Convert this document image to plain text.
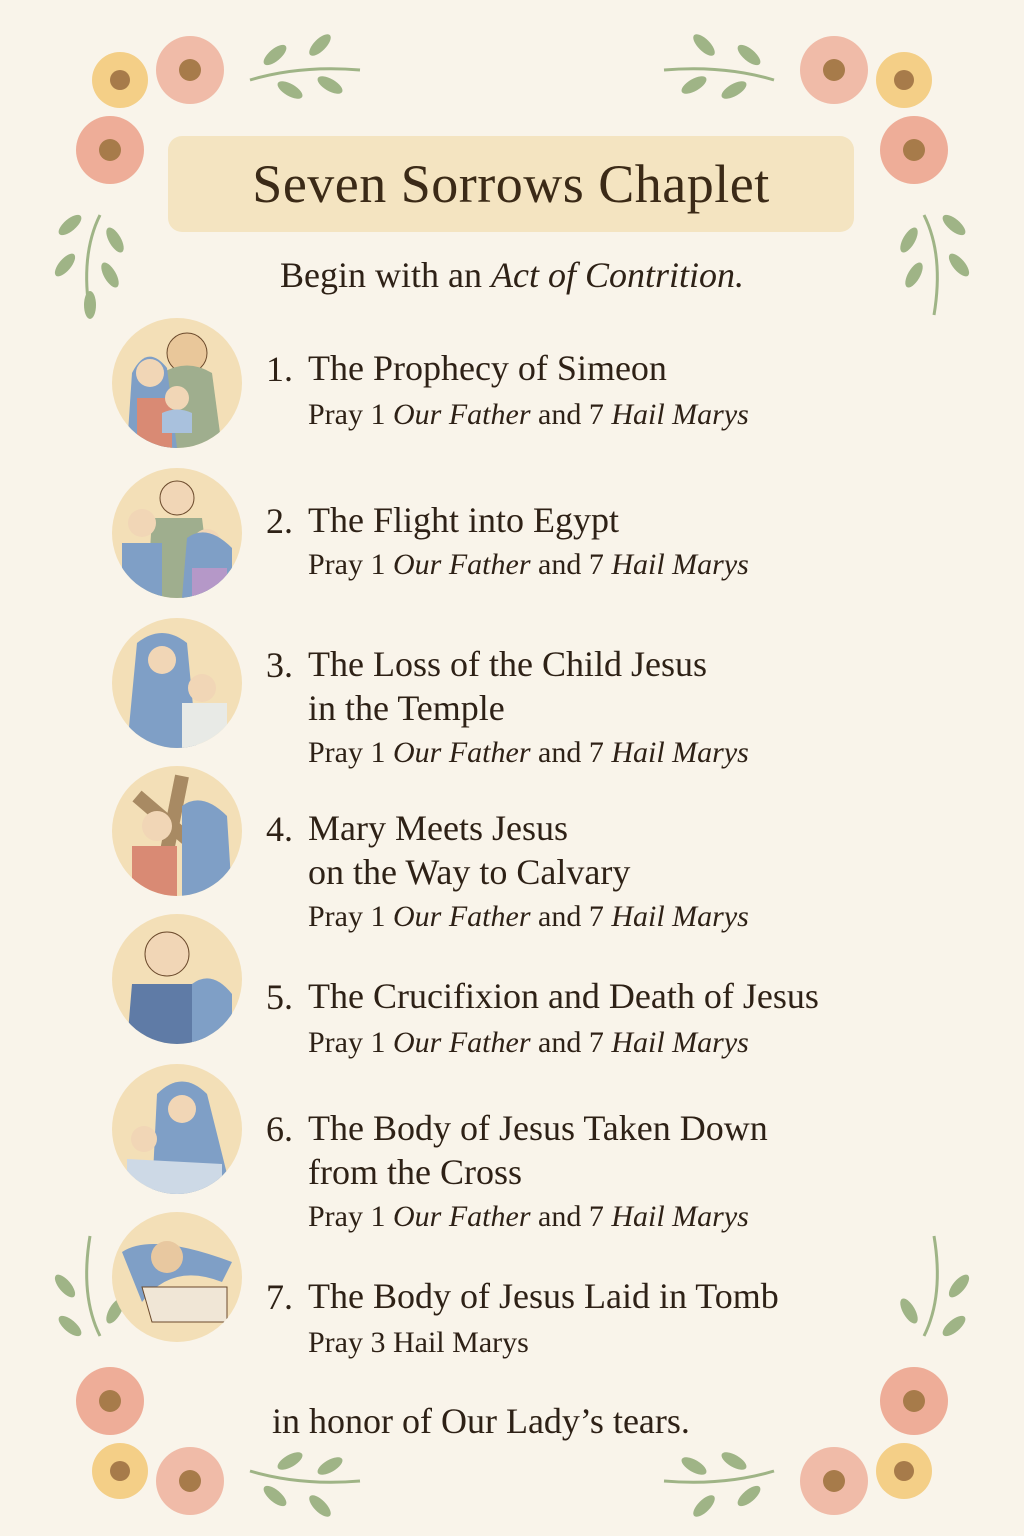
Seven Sorrows Chaplet
Begin with an Act of Contrition.
1. The Prophecy of Simeon
Pray 1 Our Father and 7 Hail Marys
2. The Flight into Egypt
Pray 1 Our Father and 7 Hail Marys
3. The Loss of the Child Jesus
in the Temple
Pray 1 Our Father and 7 Hail Marys
4. Mary Meets Jesus
on the Way to Calvary
Pray 1 Our Father and 7 Hail Marys
5. The Crucifixion and Death of Jesus
Pray 1 Our Father and 7 Hail Marys
6. The Body of Jesus Taken Down
from the Cross
Pray 1 Our Father and 7 Hail Marys
7. The Body of Jesus Laid in Tomb
Pray 3 Hail Marys
in honor of Our Lady’s tears.
